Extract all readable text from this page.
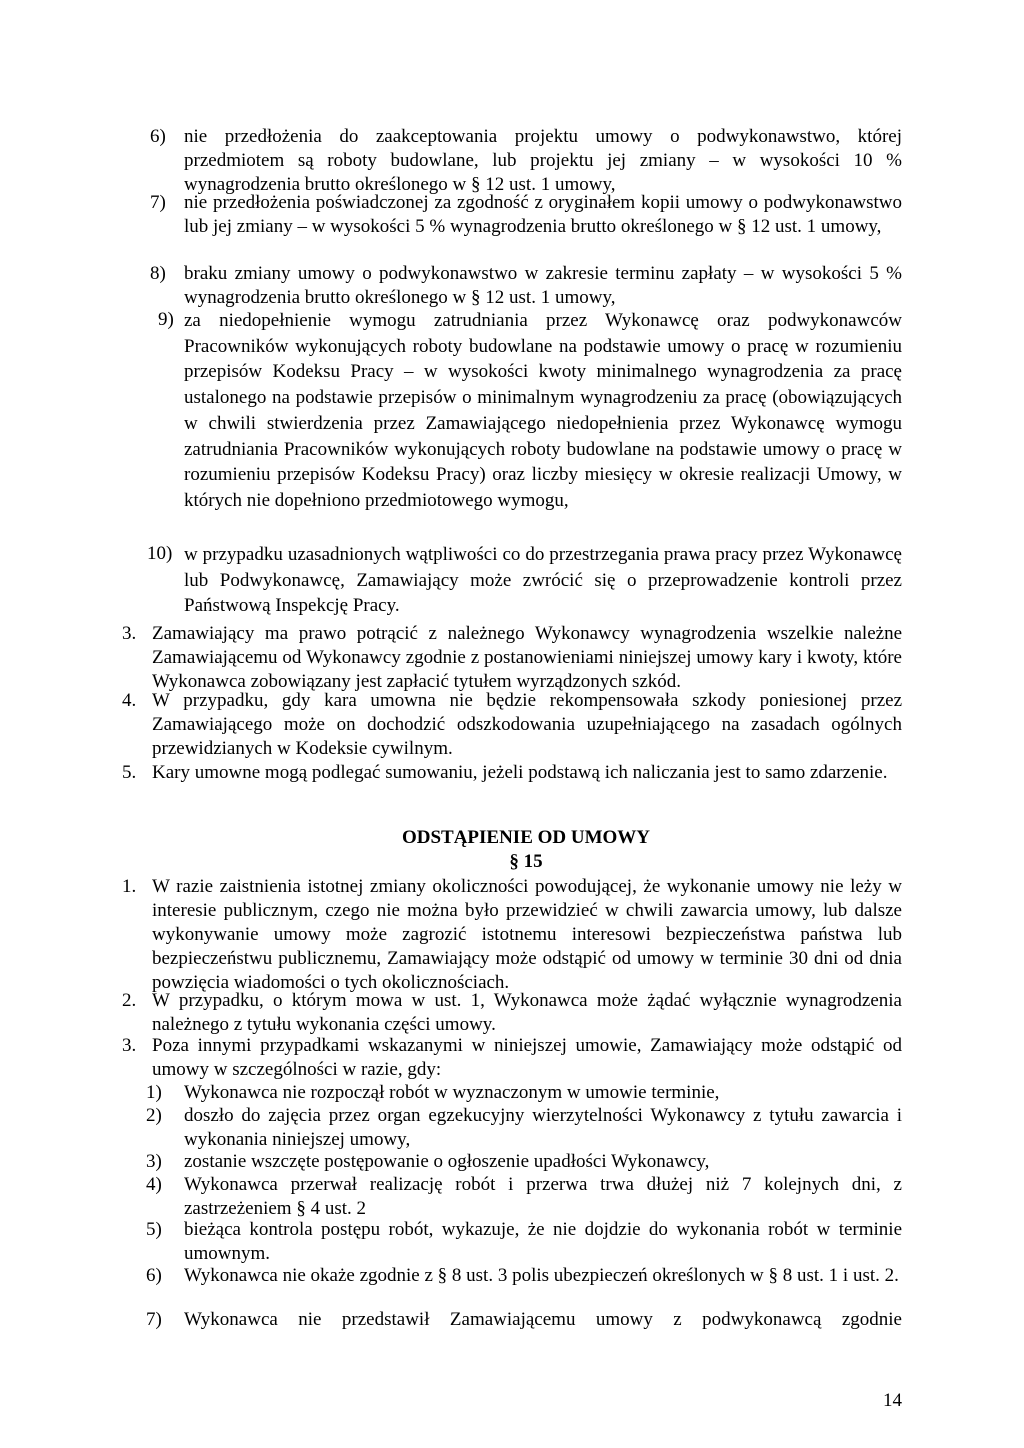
6) nie przedłożenia do zaakceptowania projektu umowy o podwykonawstwo, której przedmiotem są roboty budowlane, lub projektu jej zmiany – w wysokości 10 % wynagrodzenia brutto określonego w § 12 ust. 1 umowy,
7) nie przedłożenia poświadczonej za zgodność z oryginałem kopii umowy o podwykonawstwo lub jej zmiany – w wysokości 5 % wynagrodzenia brutto określonego w § 12 ust. 1 umowy,
8) braku zmiany umowy o podwykonawstwo w zakresie terminu zapłaty – w wysokości 5 % wynagrodzenia brutto określonego w § 12 ust. 1 umowy,
9) za niedopełnienie wymogu zatrudniania przez Wykonawcę oraz podwykonawców Pracowników wykonujących roboty budowlane na podstawie umowy o pracę w rozumieniu przepisów Kodeksu Pracy – w wysokości kwoty minimalnego wynagrodzenia za pracę ustalonego na podstawie przepisów o minimalnym wynagrodzeniu za pracę (obowiązujących w chwili stwierdzenia przez Zamawiającego niedopełnienia przez Wykonawcę wymogu zatrudniania Pracowników wykonujących roboty budowlane na podstawie umowy o pracę w rozumieniu przepisów Kodeksu Pracy) oraz liczby miesięcy w okresie realizacji Umowy, w których nie dopełniono przedmiotowego wymogu,
10) w przypadku uzasadnionych wątpliwości co do przestrzegania prawa pracy przez Wykonawcę lub Podwykonawcę, Zamawiający może zwrócić się o przeprowadzenie kontroli przez Państwową Inspekcję Pracy.
3. Zamawiający ma prawo potrącić z należnego Wykonawcy wynagrodzenia wszelkie należne Zamawiającemu od Wykonawcy zgodnie z postanowieniami niniejszej umowy kary i kwoty, które Wykonawca zobowiązany jest zapłacić tytułem wyrządzonych szkód.
4. W przypadku, gdy kara umowna nie będzie rekompensowała szkody poniesionej przez Zamawiającego może on dochodzić odszkodowania uzupełniającego na zasadach ogólnych przewidzianych w Kodeksie cywilnym.
5. Kary umowne mogą podlegać sumowaniu, jeżeli podstawą ich naliczania jest to samo zdarzenie.
ODSTĄPIENIE OD UMOWY
§ 15
1. W razie zaistnienia istotnej zmiany okoliczności powodującej, że wykonanie umowy nie leży w interesie publicznym, czego nie można było przewidzieć w chwili zawarcia umowy, lub dalsze wykonywanie umowy może zagrozić istotnemu interesowi bezpieczeństwa państwa lub bezpieczeństwu publicznemu, Zamawiający może odstąpić od umowy w terminie 30 dni od dnia powzięcia wiadomości o tych okolicznościach.
2. W przypadku, o którym mowa w ust. 1, Wykonawca może żądać wyłącznie wynagrodzenia należnego z tytułu wykonania części umowy.
3. Poza innymi przypadkami wskazanymi w niniejszej umowie, Zamawiający może odstąpić od umowy w szczególności w razie, gdy:
1) Wykonawca nie rozpoczął robót w wyznaczonym w umowie terminie,
2) doszło do zajęcia przez organ egzekucyjny wierzytelności Wykonawcy z tytułu zawarcia i wykonania niniejszej umowy,
3) zostanie wszczęte postępowanie o ogłoszenie upadłości Wykonawcy,
4) Wykonawca przerwał realizację robót i przerwa trwa dłużej niż 7 kolejnych dni, z zastrzeżeniem § 4 ust. 2
5) bieżąca kontrola postępu robót, wykazuje, że nie dojdzie do wykonania robót w terminie umownym.
6) Wykonawca nie okaże zgodnie z § 8 ust. 3 polis ubezpieczeń określonych w § 8 ust. 1 i ust. 2.
7) Wykonawca nie przedstawił Zamawiającemu umowy z podwykonawcą zgodnie
14
